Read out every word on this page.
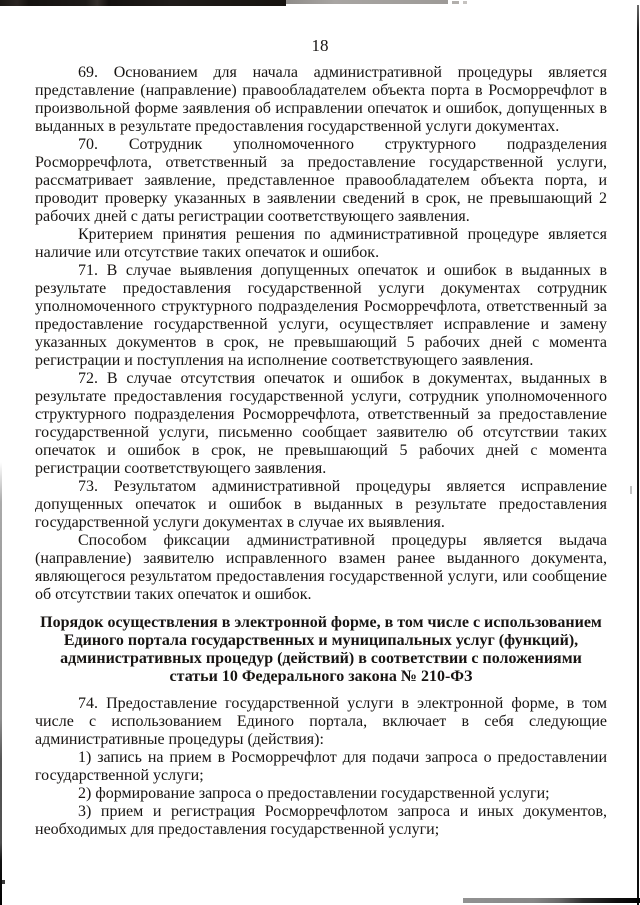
18

69. Основанием для начала административной процедуры является представление (направление) правообладателем объекта порта в Росморречфлот в произвольной форме заявления об исправлении опечаток и ошибок, допущенных в выданных в результате предоставления государственной услуги документах.

70. Сотрудник уполномоченного структурного подразделения Росморречфлота, ответственный за предоставление государственной услуги, рассматривает заявление, представленное правообладателем объекта порта, и проводит проверку указанных в заявлении сведений в срок, не превышающий 2 рабочих дней с даты регистрации соответствующего заявления.

Критерием принятия решения по административной процедуре является наличие или отсутствие таких опечаток и ошибок.

71. В случае выявления допущенных опечаток и ошибок в выданных в результате предоставления государственной услуги документах сотрудник уполномоченного структурного подразделения Росморречфлота, ответственный за предоставление государственной услуги, осуществляет исправление и замену указанных документов в срок, не превышающий 5 рабочих дней с момента регистрации и поступления на исполнение соответствующего заявления.

72. В случае отсутствия опечаток и ошибок в документах, выданных в результате предоставления государственной услуги, сотрудник уполномоченного структурного подразделения Росморречфлота, ответственный за предоставление государственной услуги, письменно сообщает заявителю об отсутствии таких опечаток и ошибок в срок, не превышающий 5 рабочих дней с момента регистрации соответствующего заявления.

73. Результатом административной процедуры является исправление допущенных опечаток и ошибок в выданных в результате предоставления государственной услуги документах в случае их выявления.

Способом фиксации административной процедуры является выдача (направление) заявителю исправленного взамен ранее выданного документа, являющегося результатом предоставления государственной услуги, или сообщение об отсутствии таких опечаток и ошибок.

Порядок осуществления в электронной форме, в том числе с использованием
Единого портала государственных и муниципальных услуг (функций),
административных процедур (действий) в соответствии с положениями
статьи 10 Федерального закона № 210-ФЗ

74. Предоставление государственной услуги в электронной форме, в том числе с использованием Единого портала, включает в себя следующие административные процедуры (действия):

1) запись на прием в Росморречфлот для подачи запроса о предоставлении государственной услуги;

2) формирование запроса о предоставлении государственной услуги;

3) прием и регистрация Росморречфлотом запроса и иных документов, необходимых для предоставления государственной услуги;
